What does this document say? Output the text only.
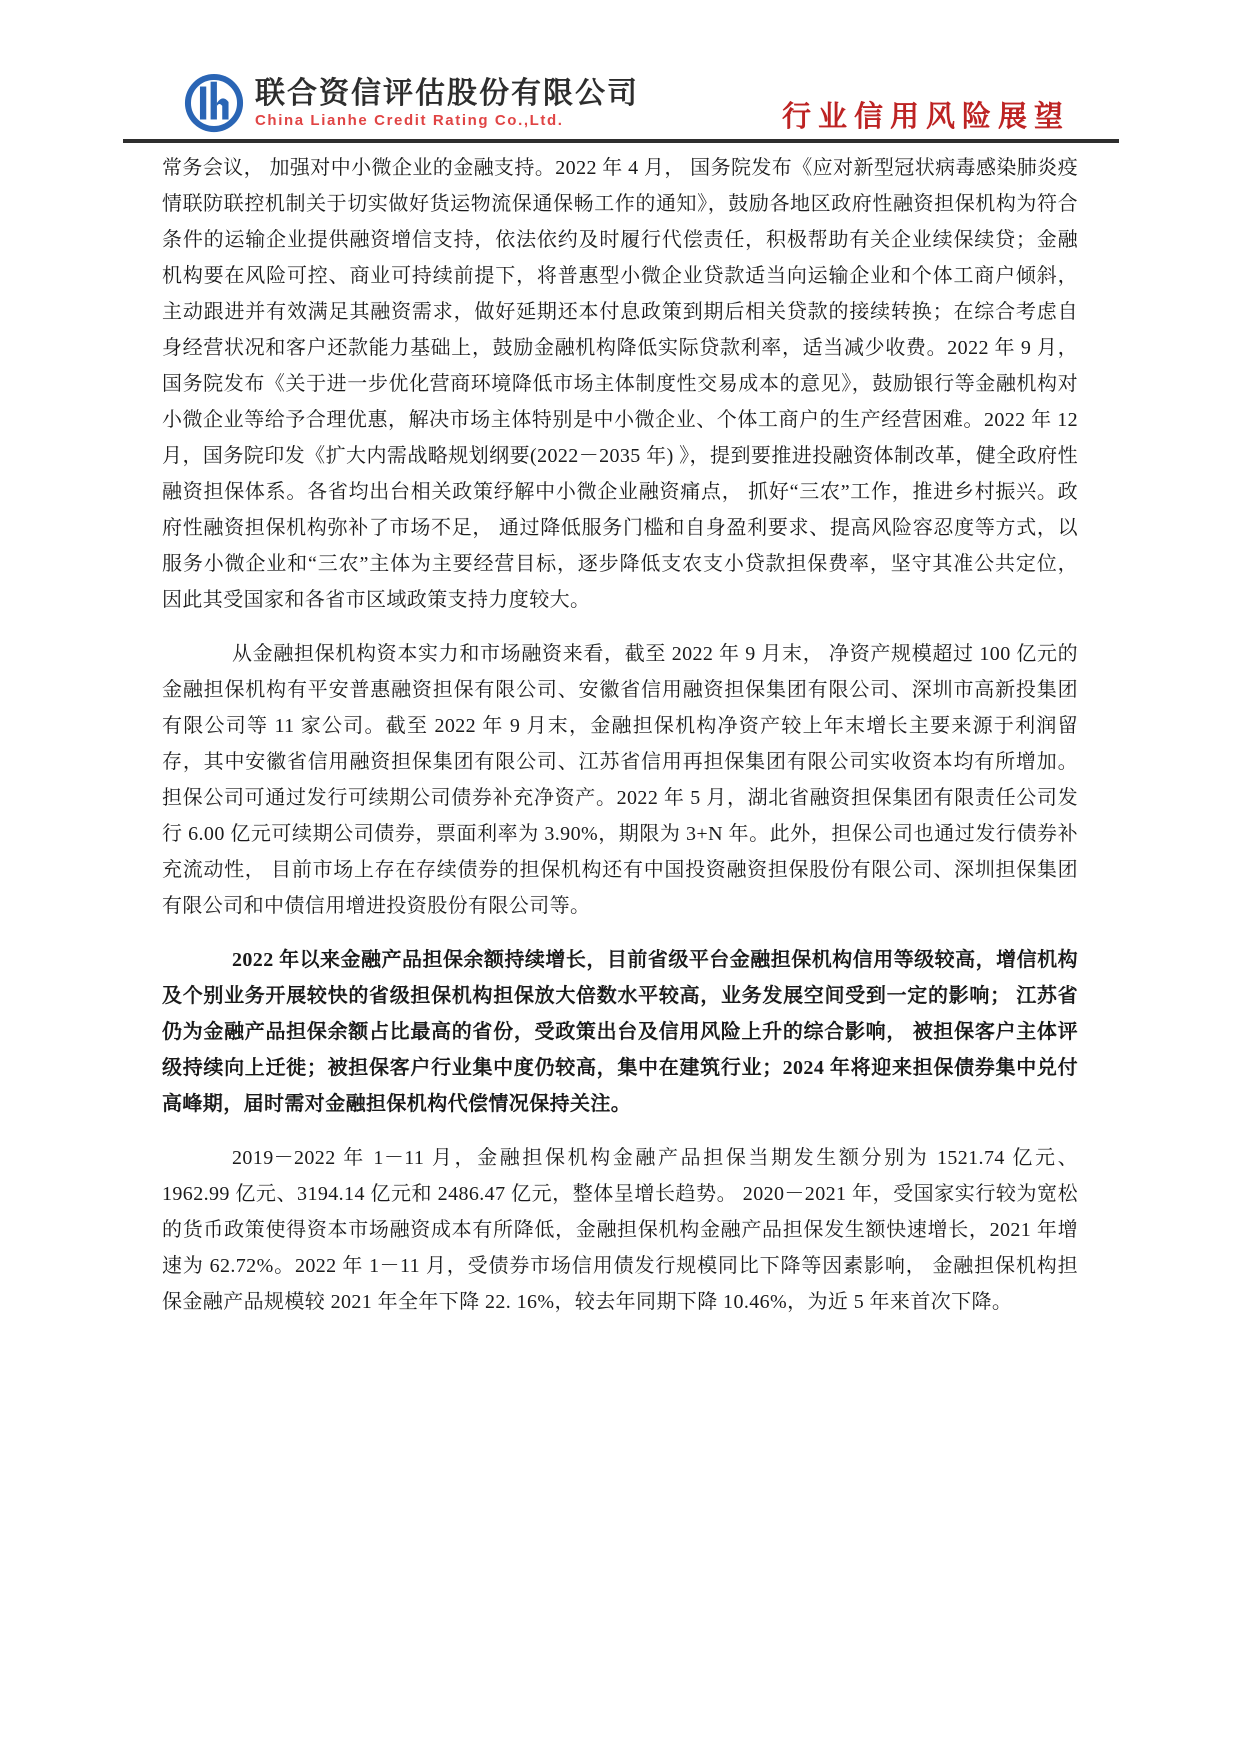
联合资信评估股份有限公司
China Lianhe Credit Rating Co.,Ltd.	行业信用风险展望

常务会议， 加强对中小微企业的金融支持。2022 年 4 月， 国务院发布《应对新型冠状病毒感染肺炎疫情联防联控机制关于切实做好货运物流保通保畅工作的通知》，鼓励各地区政府性融资担保机构为符合条件的运输企业提供融资增信支持，依法依约及时履行代偿责任，积极帮助有关企业续保续贷；金融机构要在风险可控、商业可持续前提下，将普惠型小微企业贷款适当向运输企业和个体工商户倾斜，主动跟进并有效满足其融资需求，做好延期还本付息政策到期后相关贷款的接续转换；在综合考虑自身经营状况和客户还款能力基础上，鼓励金融机构降低实际贷款利率，适当减少收费。2022 年 9 月， 国务院发布《关于进一步优化营商环境降低市场主体制度性交易成本的意见》，鼓励银行等金融机构对小微企业等给予合理优惠，解决市场主体特别是中小微企业、个体工商户的生产经营困难。2022 年 12 月，国务院印发《扩大内需战略规划纲要(2022－2035 年) 》，提到要推进投融资体制改革，健全政府性融资担保体系。各省均出台相关政策纾解中小微企业融资痛点， 抓好“三农”工作，推进乡村振兴。政府性融资担保机构弥补了市场不足， 通过降低服务门槛和自身盈利要求、提高风险容忍度等方式，以服务小微企业和“三农”主体为主要经营目标，逐步降低支农支小贷款担保费率，坚守其准公共定位，因此其受国家和各省市区域政策支持力度较大。

从金融担保机构资本实力和市场融资来看，截至 2022 年 9 月末， 净资产规模超过 100 亿元的金融担保机构有平安普惠融资担保有限公司、安徽省信用融资担保集团有限公司、深圳市高新投集团有限公司等 11 家公司。截至 2022 年 9 月末，金融担保机构净资产较上年末增长主要来源于利润留存，其中安徽省信用融资担保集团有限公司、江苏省信用再担保集团有限公司实收资本均有所增加。 担保公司可通过发行可续期公司债券补充净资产。2022 年 5 月，湖北省融资担保集团有限责任公司发行 6.00 亿元可续期公司债券，票面利率为 3.90%，期限为 3+N 年。此外，担保公司也通过发行债券补充流动性， 目前市场上存在存续债券的担保机构还有中国投资融资担保股份有限公司、深圳担保集团有限公司和中债信用增进投资股份有限公司等。

2022 年以来金融产品担保余额持续增长，目前省级平台金融担保机构信用等级较高，增信机构及个别业务开展较快的省级担保机构担保放大倍数水平较高，业务发展空间受到一定的影响； 江苏省仍为金融产品担保余额占比最高的省份，受政策出台及信用风险上升的综合影响， 被担保客户主体评级持续向上迁徙；被担保客户行业集中度仍较高，集中在建筑行业；2024 年将迎来担保债券集中兑付高峰期，届时需对金融担保机构代偿情况保持关注。

2019－2022 年 1－11 月，金融担保机构金融产品担保当期发生额分别为 1521.74 亿元、1962.99 亿元、3194.14 亿元和 2486.47 亿元，整体呈增长趋势。 2020－2021 年，受国家实行较为宽松的货币政策使得资本市场融资成本有所降低，金融担保机构金融产品担保发生额快速增长，2021 年增速为 62.72%。2022 年 1－11 月，受债券市场信用债发行规模同比下降等因素影响， 金融担保机构担保金融产品规模较 2021 年全年下降 22. 16%，较去年同期下降 10.46%，为近 5 年来首次下降。
